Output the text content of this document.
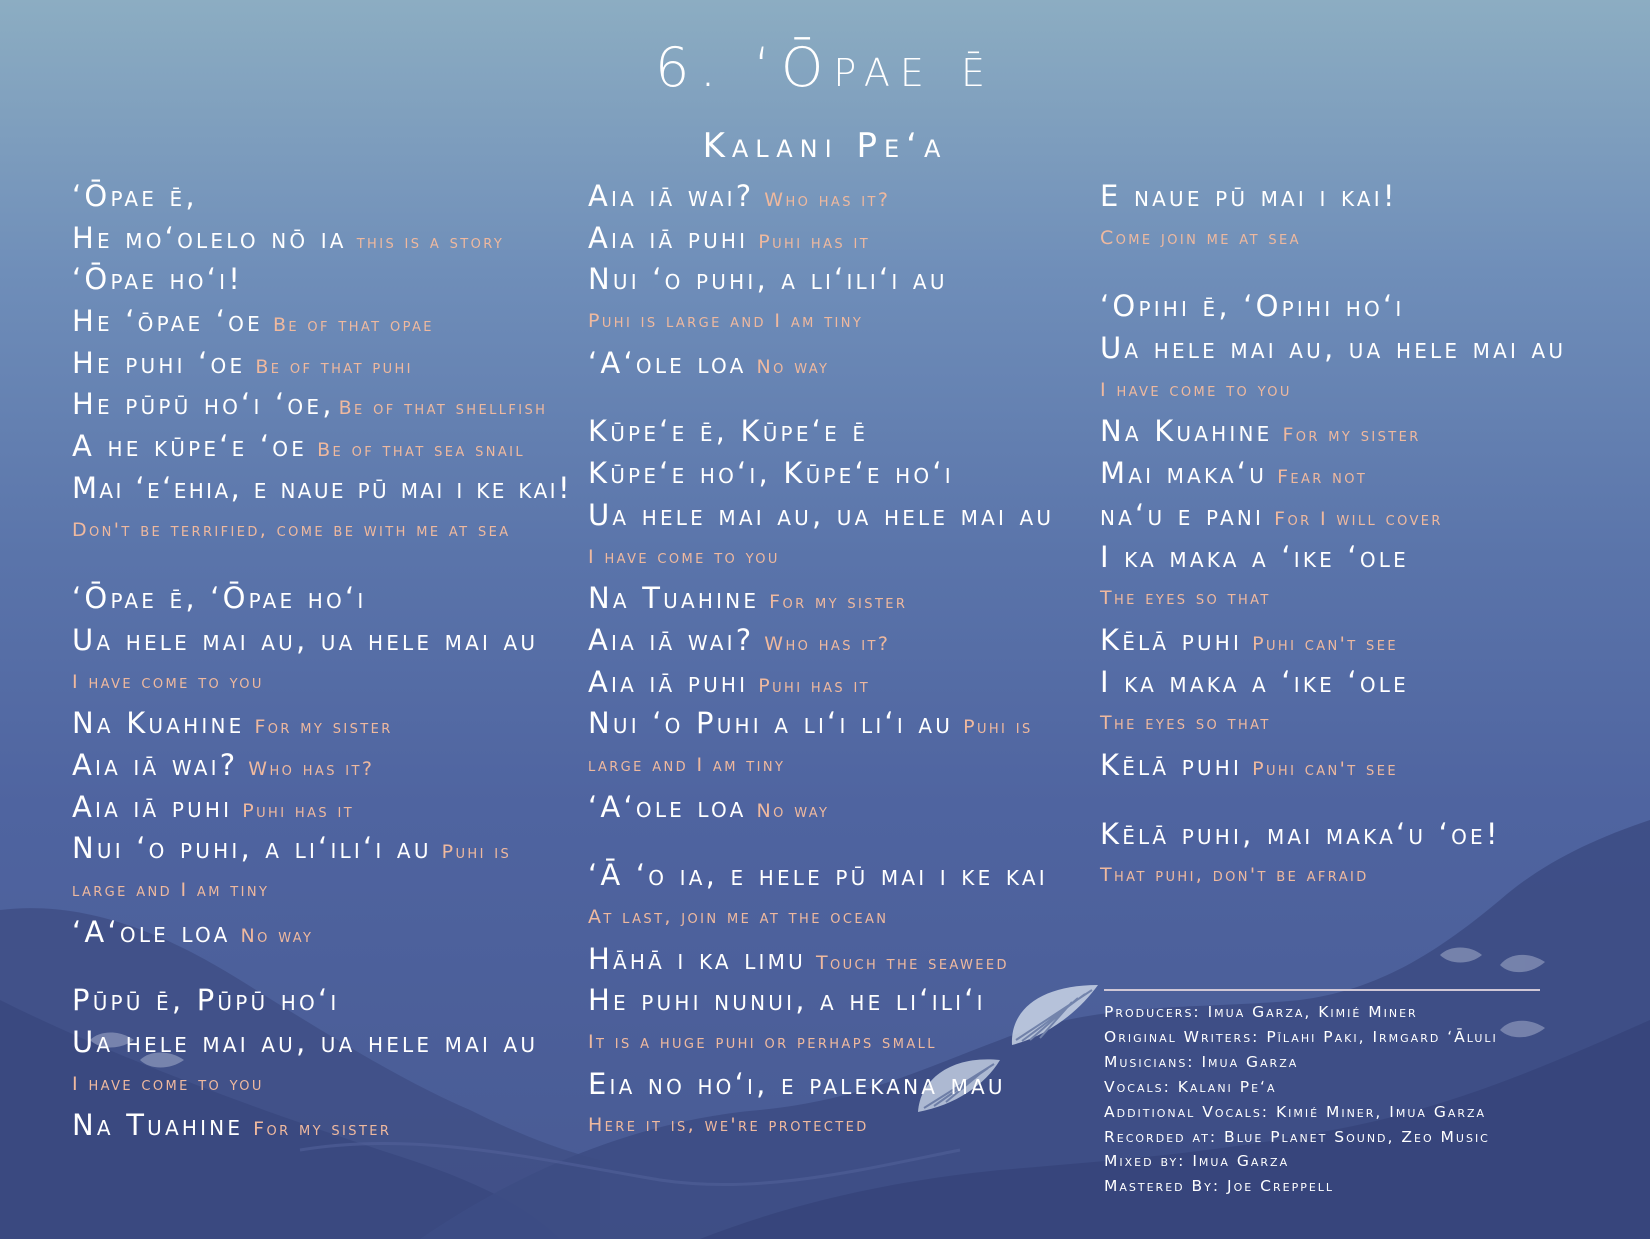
6. ʻŌpae ē
Kalani Peʻa
ʻŌpae ē,
He moʻolelo nō ia this is a story
ʻŌpae hoʻi!
He ʻōpae ʻoe Be of that opae
He puhi ʻoe Be of that puhi
He pūpū hoʻi ʻoe, Be of that shellfish
A he kūpeʻe ʻoe Be of that sea snail
Mai ʻeʻehia, e naue pū mai i ke kai!
Don't be terrified, come be with me at sea
ʻŌpae ē, ʻŌpae hoʻi
Ua hele mai au, ua hele mai au
I have come to you
Na Kuahine For my sister
Aia iā wai? Who has it?
Aia iā puhi Puhi has it
Nui ʻo puhi, a liʻiliʻi au Puhi is
large and I am tiny
ʻAʻole loa No way
Pūpū ē, Pūpū hoʻi
Ua hele mai au, ua hele mai au
I have come to you
Na Tuahine For my sister
Aia iā wai? Who has it?
Aia iā puhi Puhi has it
Nui ʻo puhi, a liʻiliʻi au
Puhi is large and I am tiny
ʻAʻole loa No way
Kūpeʻe ē, Kūpeʻe ē
Kūpeʻe hoʻi, Kūpeʻe hoʻi
Ua hele mai au, ua hele mai au
I have come to you
Na Tuahine For my sister
Aia iā wai? Who has it?
Aia iā puhi Puhi has it
Nui ʻo Puhi a liʻi liʻi au Puhi is
large and I am tiny
ʻAʻole loa No way
ʻĀ ʻo ia, e hele pū mai i ke kai
At last, join me at the ocean
Hāhā i ka limu Touch the seaweed
He puhi nunui, a he liʻiliʻi
It is a huge puhi or perhaps small
Eia no hoʻi, e palekana mau
Here it is, we're protected
E naue pū mai i kai!
Come join me at sea
ʻOpihi ē, ʻOpihi hoʻi
Ua hele mai au, ua hele mai au
I have come to you
Na Kuahine For my sister
Mai makaʻu Fear not
naʻu e pani For I will cover
I ka maka a ʻike ʻole
The eyes so that
Kēlā puhi Puhi can't see
I ka maka a ʻike ʻole
The eyes so that
Kēlā puhi Puhi can't see
Kēlā puhi, mai makaʻu ʻoe!
That puhi, don't be afraid
Producers: Imua Garza, Kimié Miner
Original Writers: Pīlahi Paki, Irmgard ʻĀluli
Musicians: Imua Garza
Vocals: Kalani Peʻa
Additional Vocals: Kimié Miner, Imua Garza
Recorded at: Blue Planet Sound, Zeo Music
Mixed by: Imua Garza
Mastered By: Joe Creppell
